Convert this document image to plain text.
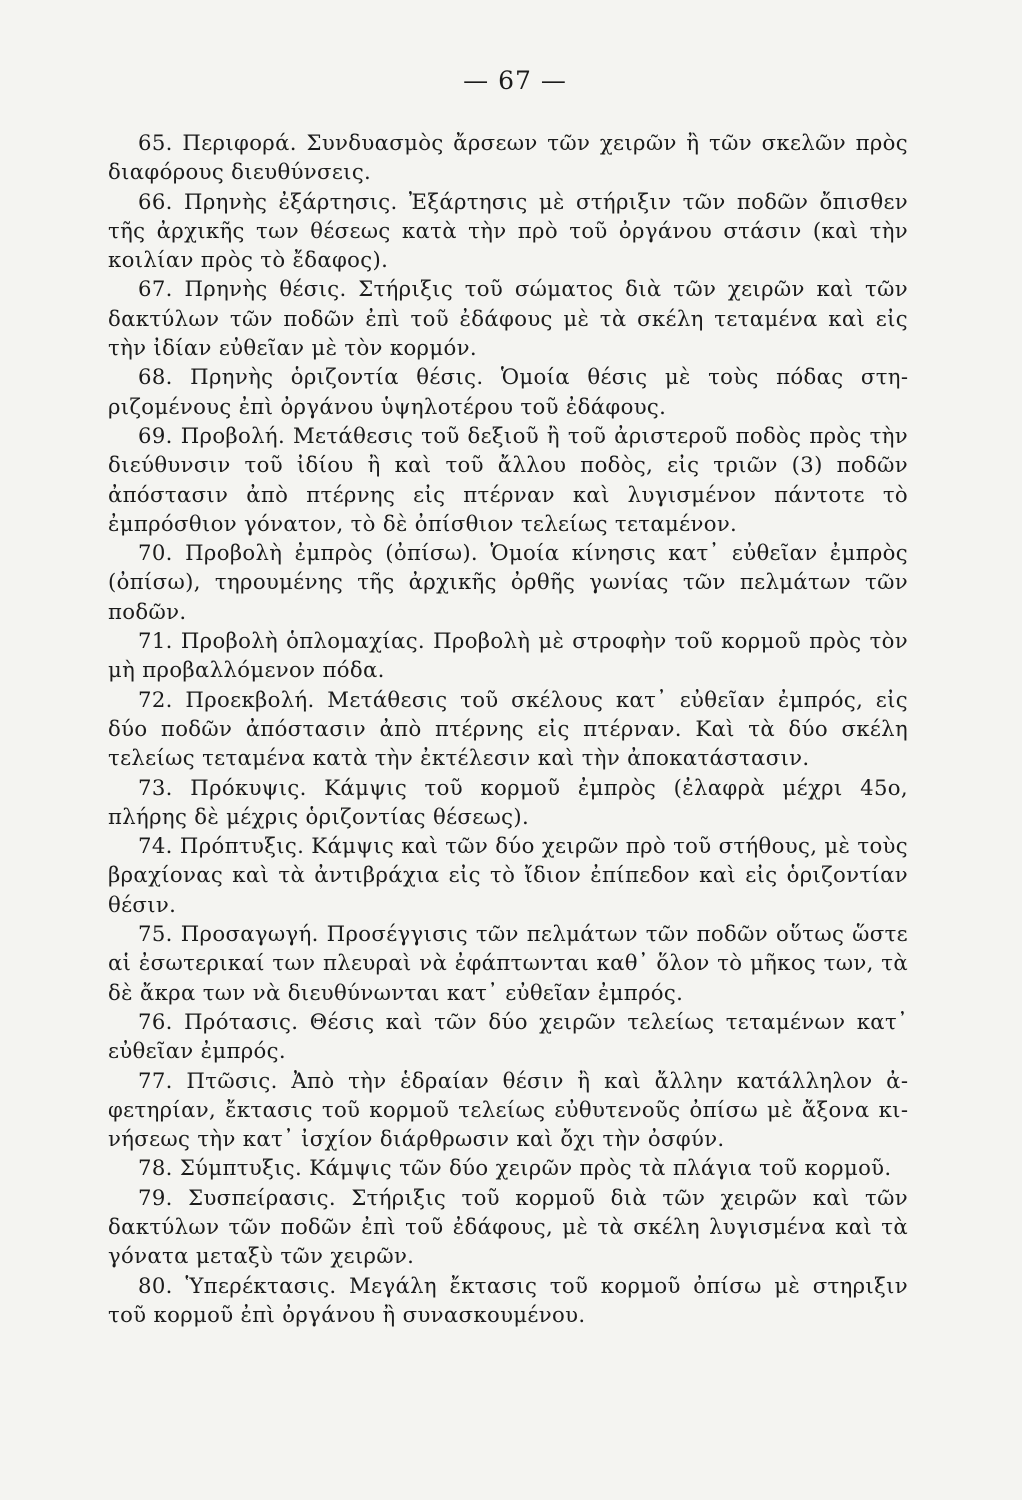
— 67 —

65. Περιφορά. Συνδυασμὸς ἄρσεων τῶν χειρῶν ἢ τῶν σκελῶν πρὸς διαφόρους διευθύνσεις.

66. Πρηνὴς ἐξάρτησις. Ἐξάρτησις μὲ στήριξιν τῶν ποδῶν ὄπισθεν τῆς ἀρχικῆς των θέσεως κατὰ τὴν πρὸ τοῦ ὀργάνου στάσιν (καὶ τὴν κοιλίαν πρὸς τὸ ἔδαφος).

67. Πρηνὴς θέσις. Στήριξις τοῦ σώματος διὰ τῶν χειρῶν καὶ τῶν δακτύλων τῶν ποδῶν ἐπὶ τοῦ ἐδάφους μὲ τὰ σκέλη τεταμένα καὶ εἰς τὴν ἰδίαν εὐθεῖαν μὲ τὸν κορμόν.

68. Πρηνὴς ὁριζοντία θέσις. Ὁμοία θέσις μὲ τοὺς πόδας στηριζομένους ἐπὶ ὀργάνου ὑψηλοτέρου τοῦ ἐδάφους.

69. Προβολή. Μετάθεσις τοῦ δεξιοῦ ἢ τοῦ ἀριστεροῦ ποδὸς πρὸς τὴν διεύθυνσιν τοῦ ἰδίου ἢ καὶ τοῦ ἄλλου ποδὸς, εἰς τριῶν (3) ποδῶν ἀπόστασιν ἀπὸ πτέρνης εἰς πτέρναν καὶ λυγισμένον πάντοτε τὸ ἐμπρόσθιον γόνατον, τὸ δὲ ὀπίσθιον τελείως τεταμένον.

70. Προβολὴ ἐμπρὸς (ὀπίσω). Ὁμοία κίνησις κατ᾽ εὐθεῖαν ἐμπρὸς (ὀπίσω), τηρουμένης τῆς ἀρχικῆς ὀρθῆς γωνίας τῶν πελμάτων τῶν ποδῶν.

71. Προβολὴ ὁπλομαχίας. Προβολὴ μὲ στροφὴν τοῦ κορμοῦ πρὸς τὸν μὴ προβαλλόμενον πόδα.

72. Προεκβολή. Μετάθεσις τοῦ σκέλους κατ᾽ εὐθεῖαν ἐμπρός, εἰς δύο ποδῶν ἀπόστασιν ἀπὸ πτέρνης εἰς πτέρναν. Καὶ τὰ δύο σκέλη τελείως τεταμένα κατὰ τὴν ἐκτέλεσιν καὶ τὴν ἀποκατάστασιν.

73. Πρόκυψις. Κάμψις τοῦ κορμοῦ ἐμπρὸς (ἐλαφρὰ μέχρι 45ο, πλήρης δὲ μέχρις ὁριζοντίας θέσεως).

74. Πρόπτυξις. Κάμψις καὶ τῶν δύο χειρῶν πρὸ τοῦ στήθους, μὲ τοὺς βραχίονας καὶ τὰ ἀντιβράχια εἰς τὸ ἴδιον ἐπίπεδον καὶ εἰς ὁριζοντίαν θέσιν.

75. Προσαγωγή. Προσέγγισις τῶν πελμάτων τῶν ποδῶν οὕτως ὥστε αἱ ἐσωτερικαί των πλευραὶ νὰ ἐφάπτωνται καθ᾽ ὅλον τὸ μῆκος των, τὰ δὲ ἄκρα των νὰ διευθύνωνται κατ᾽ εὐθεῖαν ἐμπρός.

76. Πρότασις. Θέσις καὶ τῶν δύο χειρῶν τελείως τεταμένων κατ᾽ εὐθεῖαν ἐμπρός.

77. Πτῶσις. Ἀπὸ τὴν ἑδραίαν θέσιν ἢ καὶ ἄλλην κατάλληλον ἀφετηρίαν, ἔκτασις τοῦ κορμοῦ τελείως εὐθυτενοῦς ὀπίσω μὲ ἄξονα κινήσεως τὴν κατ᾽ ἰσχίον διάρθρωσιν καὶ ὄχι τὴν ὀσφύν.

78. Σύμπτυξις. Κάμψις τῶν δύο χειρῶν πρὸς τὰ πλάγια τοῦ κορμοῦ.

79. Συσπείρασις. Στήριξις τοῦ κορμοῦ διὰ τῶν χειρῶν καὶ τῶν δακτύλων τῶν ποδῶν ἐπὶ τοῦ ἐδάφους, μὲ τὰ σκέλη λυγισμένα καὶ τὰ γόνατα μεταξὺ τῶν χειρῶν.

80. Ὑπερέκτασις. Μεγάλη ἔκτασις τοῦ κορμοῦ ὀπίσω μὲ στηριξιν τοῦ κορμοῦ ἐπὶ ὀργάνου ἢ συνασκουμένου.
